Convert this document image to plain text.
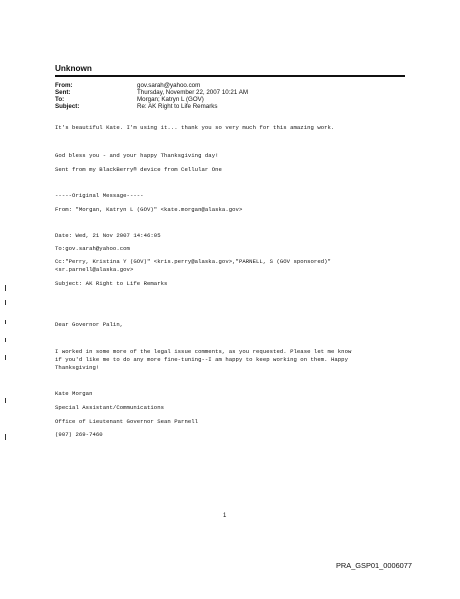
Unknown
From:	gov.sarah@yahoo.com
Sent:	Thursday, November 22, 2007 10:21 AM
To:	Morgan; Katryn L (GOV)
Subject:	Re: AK Right to Life Remarks
It's beautiful Kate. I'm using it... thank you so very much for this amazing work.
God bless you - and your happy Thanksgiving day!
Sent from my BlackBerry® device from Cellular One
-----Original Message-----
From: "Morgan, Katryn L (GOV)" <kate.morgan@alaska.gov>
Date: Wed, 21 Nov 2007 14:46:05
To:gov.sarah@yahoo.com
Cc:"Perry, Kristina Y (GOV)" <kris.perry@alaska.gov>,"PARNELL, S (GOV sponsored)"
<sr.parnell@alaska.gov>
Subject: AK Right to Life Remarks
Dear Governor Palin,
I worked in some more of the legal issue comments, as you requested. Please let me know
if you'd like me to do any more fine-tuning--I am happy to keep working on them. Happy
Thanksgiving!
Kate Morgan
Special Assistant/Communications
Office of Lieutenant Governor Sean Parnell
(907) 269-7460
1
PRA_GSP01_0006077
